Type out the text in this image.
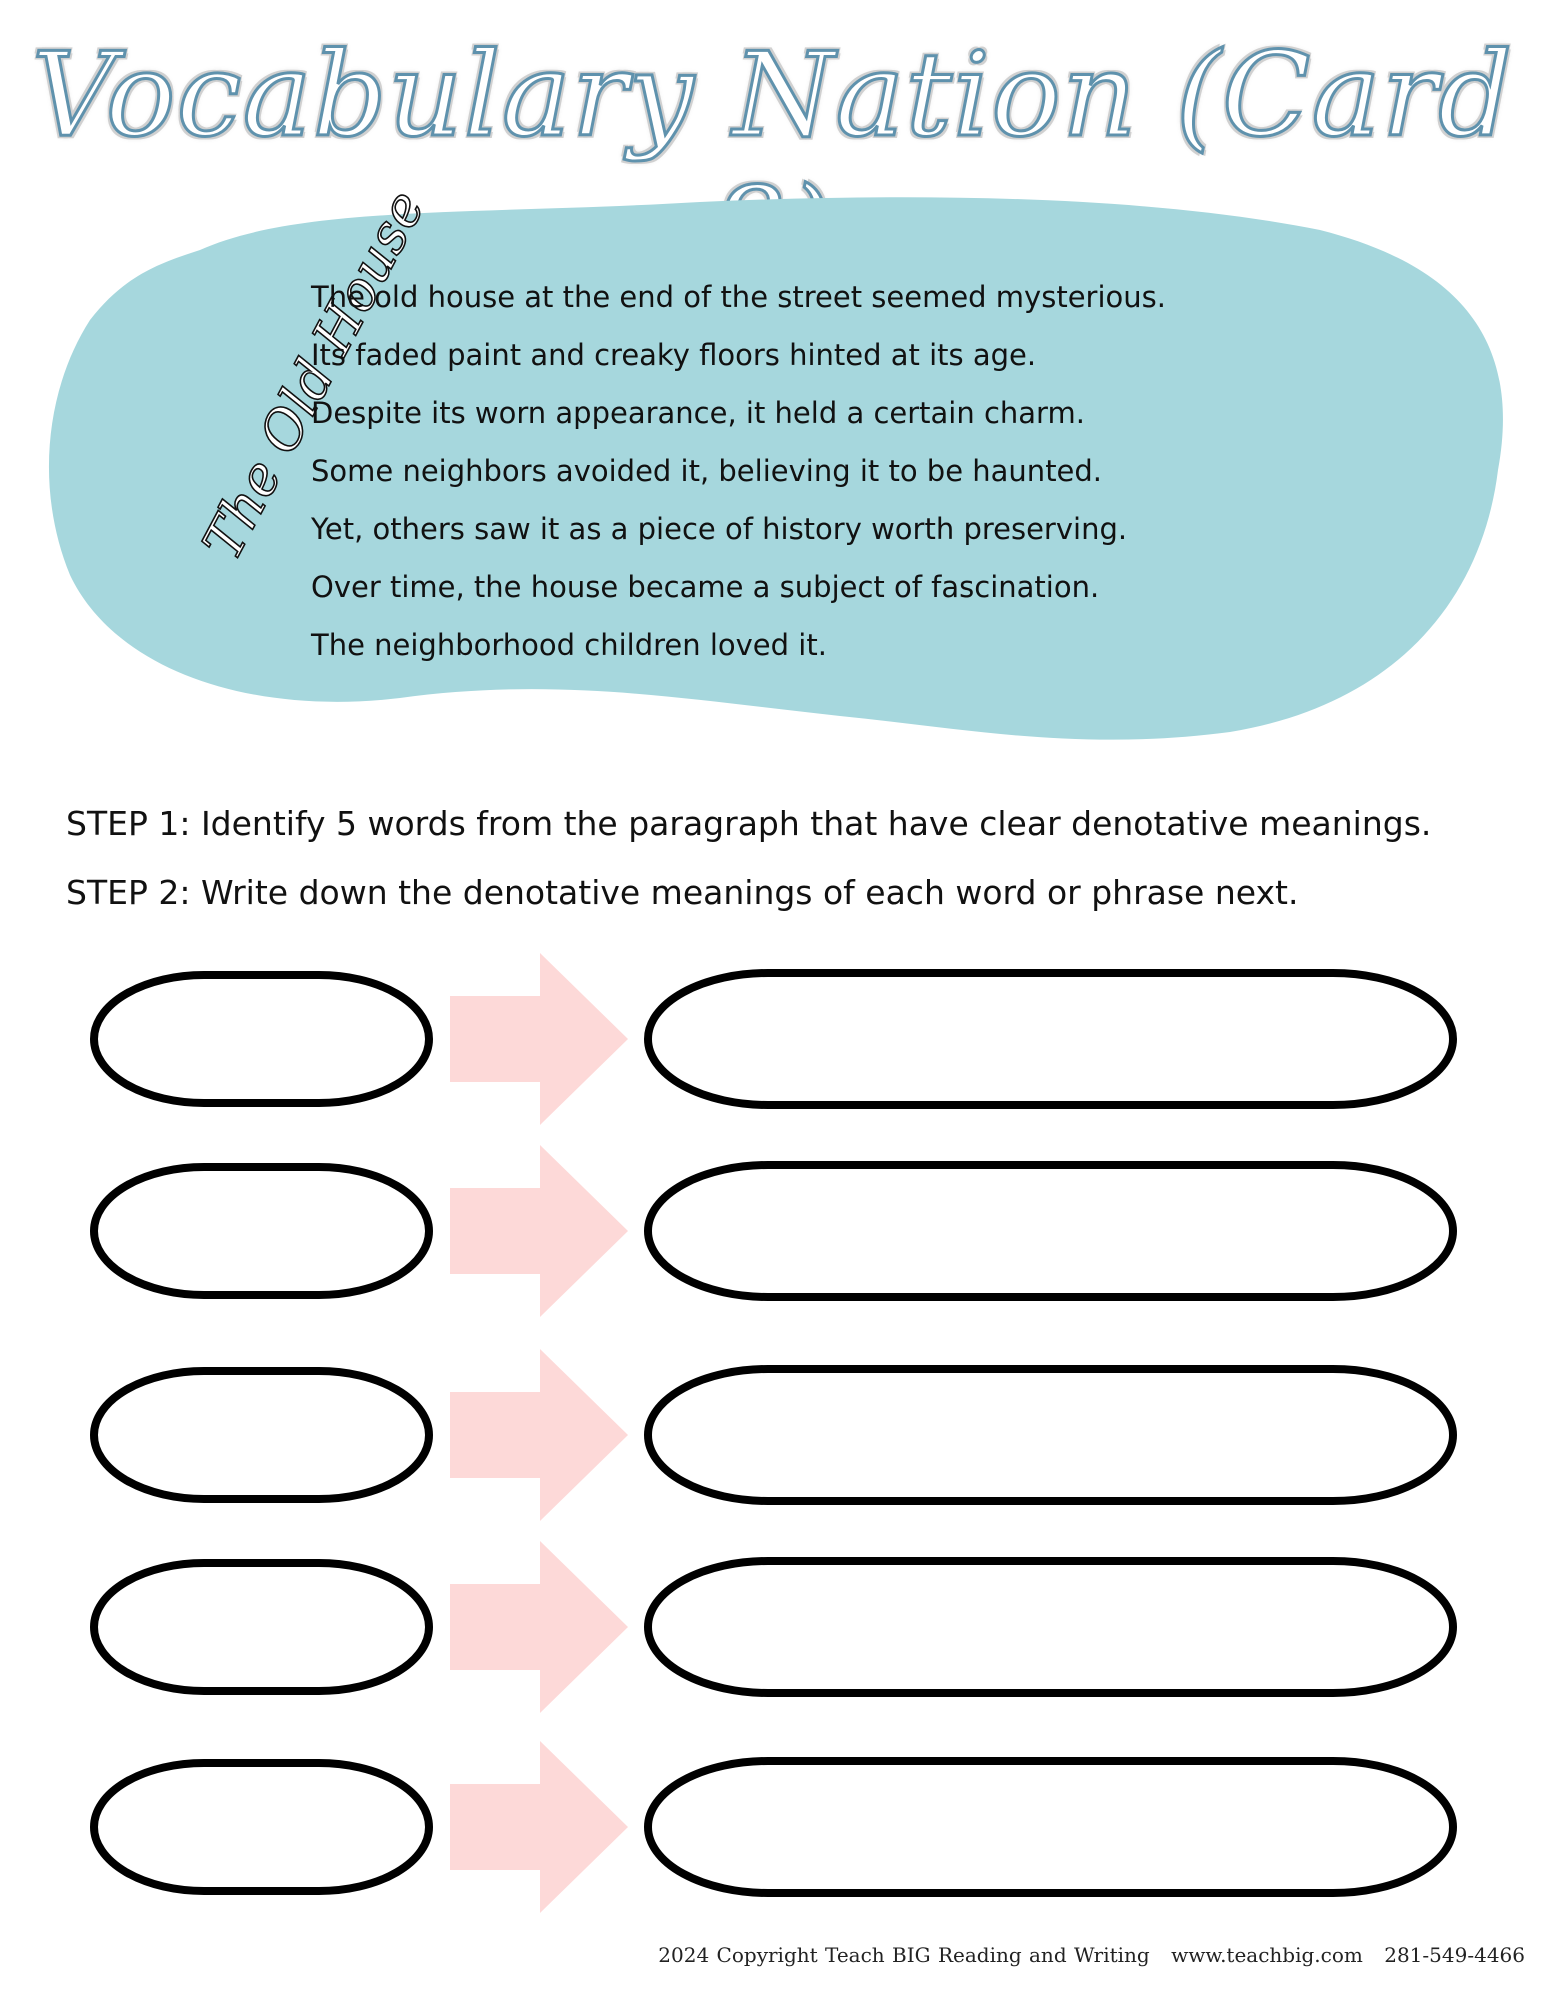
Vocabulary Nation (Card
The Old House
The old house at the end of the street seemed mysterious.
Its faded paint and creaky floors hinted at its age.
Despite its worn appearance, it held a certain charm.
Some neighbors avoided it, believing it to be haunted.
Yet, others saw it as a piece of history worth preserving.
Over time, the house became a subject of fascination.
The neighborhood children loved it.
STEP 1: Identify 5 words from the paragraph that have clear denotative meanings.
STEP 2: Write down the denotative meanings of each word or phrase next.
2024 Copyright Teach BIG Reading and Writing www.teachbig.com 281-549-4466
